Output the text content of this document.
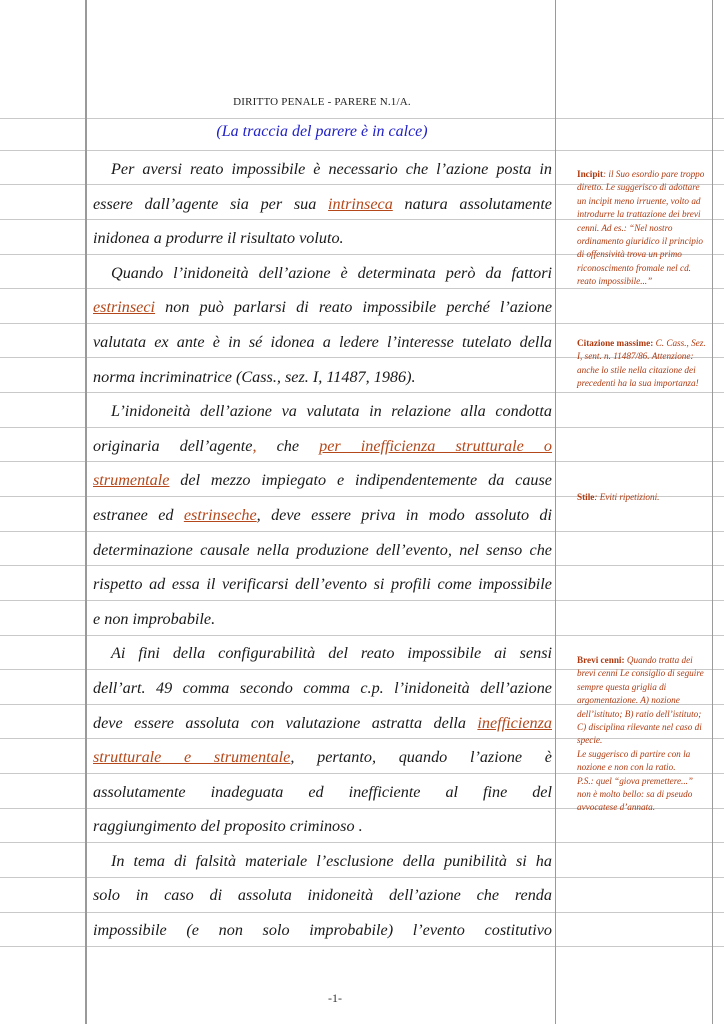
DIRITTO PENALE - PARERE N.1/A.
(La traccia del parere è in calce)
Per aversi reato impossibile è necessario che l’azione posta in
essere dall’agente sia per sua intrinseca natura assolutamente
inidonea a produrre il risultato voluto.
Quando l’inidoneità dell’azione è determinata però da fattori
estrinseci non può parlarsi di reato impossibile perché l’azione
valutata ex ante è in sé idonea a ledere l’interesse tutelato della
norma incriminatrice (Cass., sez. I, 11487, 1986).
L’inidoneità dell’azione va valutata in relazione alla condotta
originaria dell’agente, che per inefficienza strutturale o
strumentale del mezzo impiegato e indipendentemente da cause
estranee ed estrinseche, deve essere priva in modo assoluto di
determinazione causale nella produzione dell’evento, nel senso che
rispetto ad essa il verificarsi dell’evento si profili come impossibile
e non improbabile.
Ai fini della configurabilità del reato impossibile ai sensi
dell’art. 49 comma secondo comma c.p. l’inidoneità dell’azione
deve essere assoluta con valutazione astratta della inefficienza
strutturale e strumentale, pertanto, quando l’azione è
assolutamente inadeguata ed inefficiente al fine del
raggiungimento del proposito criminoso .
In tema di falsità materiale l’esclusione della punibilità si ha
solo in caso di assoluta inidoneità dell’azione che renda
impossibile (e non solo improbabile) l’evento costitutivo
Incipit: il Suo esordio pare troppo diretto. Le suggerisco di adottare un incipit meno irruente, volto ad introdurre la trattazione dei brevi cenni. Ad es.: “Nel nostro ordinamento giuridico il principio di offensività trova un primo riconoscimento fromale nel cd. reato impossibile...”
Citazione massime: C. Cass., Sez. I, sent. n. 11487/86. Attenzione: anche lo stile nella citazione dei precedenti ha la sua importanza!
Stile: Eviti ripetizioni.
Brevi cenni: Quando tratta dei brevi cenni Le consiglio di seguire sempre questa griglia di argomentazione. A) nozione dell’istituto; B) ratio dell’istituto; C) disciplina rilevante nel caso di specie.
Le suggerisco di partire con la nozione e non con la ratio.
P.S.: quel “giova premettere...” non è molto bello: sa di pseudo avvocatese d’annata.
-1-
